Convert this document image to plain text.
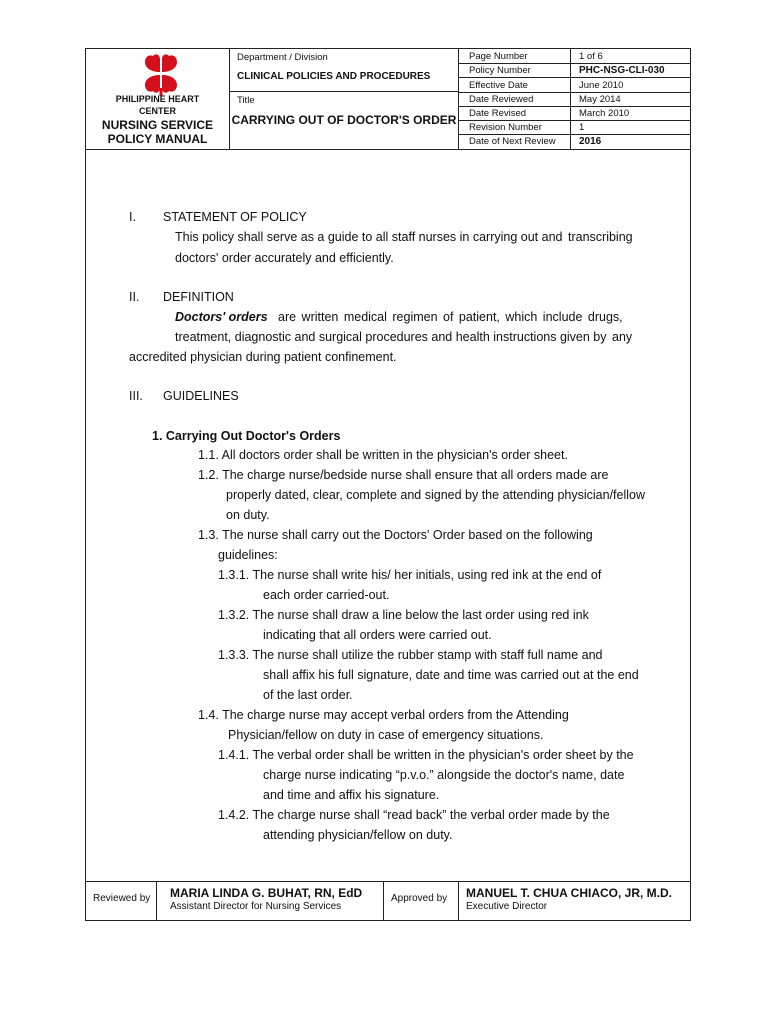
PHILIPPINE HEART
CENTER
NURSING SERVICE
POLICY MANUAL
Department / Division
CLINICAL POLICIES AND PROCEDURES
Title
CARRYING OUT OF DOCTOR'S ORDER
Page Number	1 of 6
Policy Number	PHC-NSG-CLI-030
Effective Date	June 2010
Date Reviewed	May 2014
Date Revised	March 2010
Revision Number	1
Date of Next Review 2016
I. STATEMENT OF POLICY
This policy shall serve as a guide to all staff nurses in carrying out and transcribing
doctors' order accurately and efficiently.
II. DEFINITION
Doctors' orders are written medical regimen of patient, which include drugs,
treatment, diagnostic and surgical procedures and health instructions given by any
accredited physician during patient confinement.
III. GUIDELINES
1. Carrying Out Doctor's Orders
1.1. All doctors order shall be written in the physician's order sheet.
1.2. The charge nurse/bedside nurse shall ensure that all orders made are
properly dated, clear, complete and signed by the attending physician/fellow
on duty.
1.3. The nurse shall carry out the Doctors' Order based on the following
guidelines:
1.3.1. The nurse shall write his/ her initials, using red ink at the end of
each order carried-out.
1.3.2. The nurse shall draw a line below the last order using red ink
indicating that all orders were carried out.
1.3.3. The nurse shall utilize the rubber stamp with staff full name and
shall affix his full signature, date and time was carried out at the end
of the last order.
1.4. The charge nurse may accept verbal orders from the Attending
Physician/fellow on duty in case of emergency situations.
1.4.1. The verbal order shall be written in the physician's order sheet by the
charge nurse indicating “p.v.o.” alongside the doctor's name, date
and time and affix his signature.
1.4.2. The charge nurse shall “read back” the verbal order made by the
attending physician/fellow on duty.
Reviewed by MARIA LINDA G. BUHAT, RN, EdD
Assistant Director for Nursing Services
Approved by MANUEL T. CHUA CHIACO, JR, M.D.
Executive Director
